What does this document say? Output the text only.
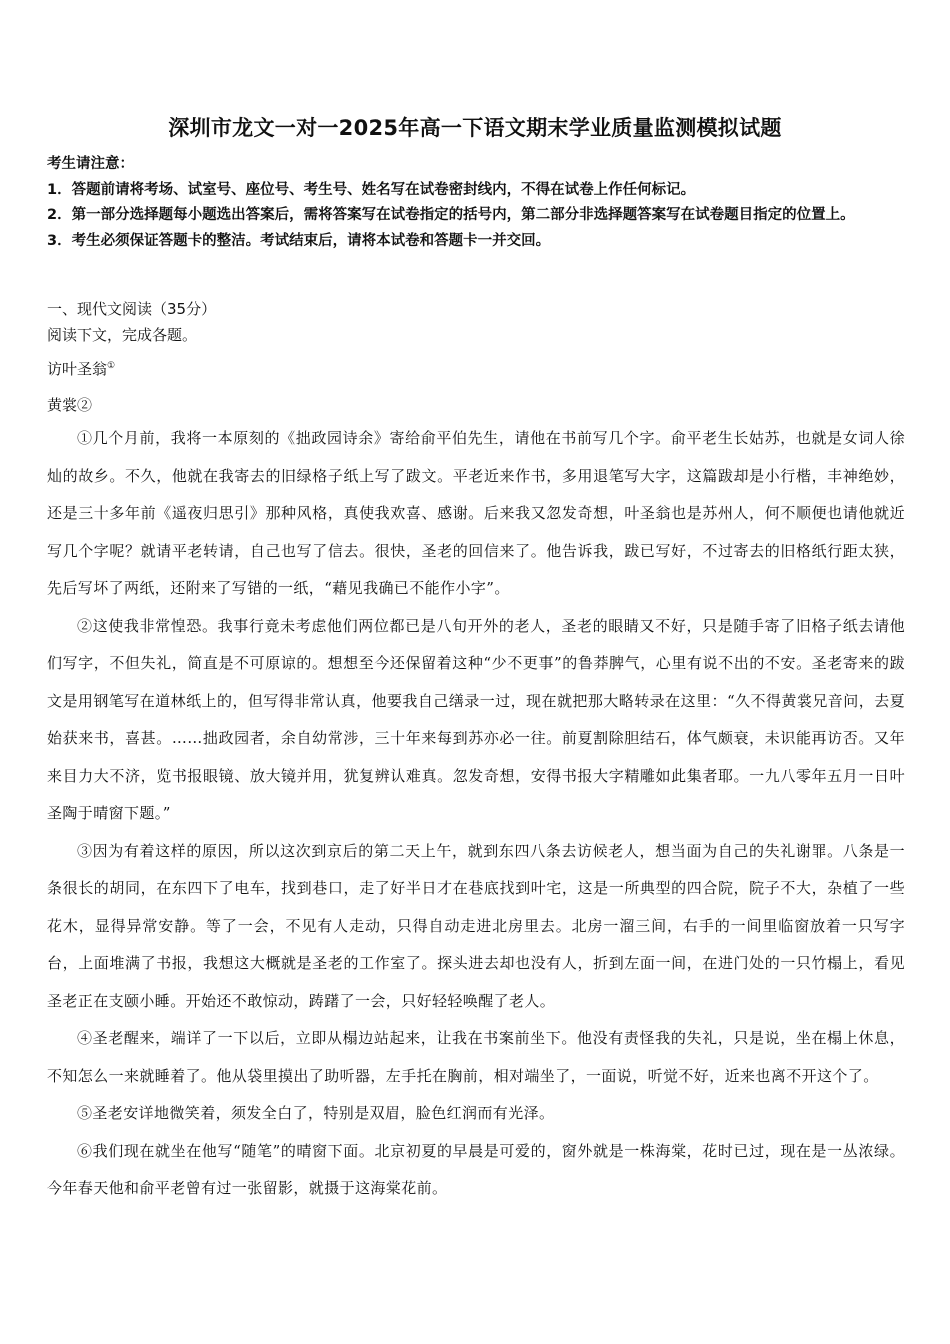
深圳市龙文一对一2025年高一下语文期末学业质量监测模拟试题
考生请注意：
1．答题前请将考场、试室号、座位号、考生号、姓名写在试卷密封线内，不得在试卷上作任何标记。
2．第一部分选择题每小题选出答案后，需将答案写在试卷指定的括号内，第二部分非选择题答案写在试卷题目指定的位置上。
3．考生必须保证答题卡的整洁。考试结束后，请将本试卷和答题卡一并交回。
一、现代文阅读（35分）
阅读下文，完成各题。
访叶圣翁①
黄裳②

①几个月前，我将一本原刻的《拙政园诗余》寄给俞平伯先生，请他在书前写几个字。俞平老生长姑苏，也就是女词人徐灿的故乡。不久，他就在我寄去的旧绿格子纸上写了跋文。平老近来作书，多用退笔写大字，这篇跋却是小行楷，丰神绝妙，还是三十多年前《遥夜归思引》那种风格，真使我欢喜、感谢。后来我又忽发奇想，叶圣翁也是苏州人，何不顺便也请他就近写几个字呢？就请平老转请，自己也写了信去。很快，圣老的回信来了。他告诉我，跋已写好，不过寄去的旧格纸行距太狭，先后写坏了两纸，还附来了写错的一纸，“藉见我确已不能作小字”。

②这使我非常惶恐。我事行竟未考虑他们两位都已是八旬开外的老人，圣老的眼睛又不好，只是随手寄了旧格子纸去请他们写字，不但失礼，简直是不可原谅的。想想至今还保留着这种“少不更事”的鲁莽脾气，心里有说不出的不安。圣老寄来的跋文是用钢笔写在道林纸上的，但写得非常认真，他要我自己缮录一过，现在就把那大略转录在这里：“久不得黄裳兄音问，去夏始获来书，喜甚。……拙政园者，余自幼常涉，三十年来每到苏亦必一往。前夏割除胆结石，体气颇衰，未识能再访否。又年来目力大不济，览书报眼镜、放大镜并用，犹复辨认难真。忽发奇想，安得书报大字精雕如此集者耶。一九八零年五月一日叶圣陶于晴窗下题。”

③因为有着这样的原因，所以这次到京后的第二天上午，就到东四八条去访候老人，想当面为自己的失礼谢罪。八条是一条很长的胡同，在东四下了电车，找到巷口，走了好半日才在巷底找到叶宅，这是一所典型的四合院，院子不大，杂植了一些花木，显得异常安静。等了一会，不见有人走动，只得自动走进北房里去。北房一溜三间，右手的一间里临窗放着一只写字台，上面堆满了书报，我想这大概就是圣老的工作室了。探头进去却也没有人，折到左面一间，在进门处的一只竹榻上，看见圣老正在支颐小睡。开始还不敢惊动，踌躇了一会，只好轻轻唤醒了老人。

④圣老醒来，端详了一下以后，立即从榻边站起来，让我在书案前坐下。他没有责怪我的失礼，只是说，坐在榻上休息，不知怎么一来就睡着了。他从袋里摸出了助听器，左手托在胸前，相对端坐了，一面说，听觉不好，近来也离不开这个了。

⑤圣老安详地微笑着，须发全白了，特别是双眉，脸色红润而有光泽。

⑥我们现在就坐在他写“随笔”的晴窗下面。北京初夏的早晨是可爱的，窗外就是一株海棠，花时已过，现在是一丛浓绿。今年春天他和俞平老曾有过一张留影，就摄于这海棠花前。
